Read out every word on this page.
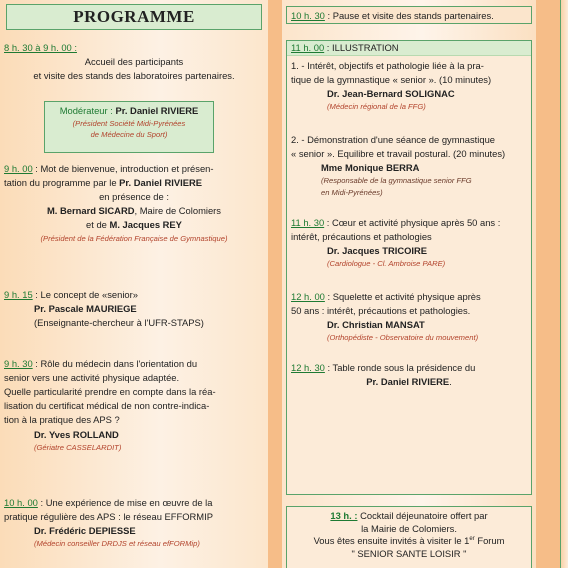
PROGRAMME
8 h. 30 à 9 h. 00 :
Accueil des participants
et visite des stands des laboratoires partenaires.
Modérateur : Pr. Daniel RIVIERE
(Président Société Midi-Pyrénées
de Médecine du Sport)
9 h. 00 : Mot de bienvenue, introduction et présen-
tation du programme par le Pr. Daniel RIVIERE
en présence de :
M. Bernard SICARD, Maire de Colomiers
et de M. Jacques REY
(Président de la Fédération Française de Gymnastique)
9 h. 15 : Le concept de «senior»
Pr. Pascale MAURIEGE
(Enseignante-chercheur à l'UFR-STAPS)
9 h. 30 : Rôle du médecin dans l'orientation du
senior vers une activité physique adaptée.
Quelle particularité prendre en compte dans la réa-
lisation du certificat médical de non contre-indica-
tion à la pratique des APS ?
Dr. Yves ROLLAND
(Gériatre CASSELARDIT)
10 h. 00 : Une expérience de mise en œuvre de la
pratique régulière des APS : le réseau EFFORMIP
Dr. Frédéric DEPIESSE
(Médecin conseiller DRDJS et réseau efFORMip)
10 h. 30 : Pause et visite des stands partenaires.
11 h. 00 : ILLUSTRATION
1. - Intérêt, objectifs et pathologie liée à la pra-
tique de la gymnastique « senior ». (10 minutes)
Dr. Jean-Bernard SOLIGNAC
(Médecin régional de la FFG)
2. - Démonstration d'une séance de gymnastique
« senior ». Equilibre et travail postural. (20 minutes)
Mme Monique BERRA
(Responsable de la gymnastique senior FFG
en Midi-Pyrénées)
11 h. 30 : Cœur et activité physique après 50 ans :
intérêt, précautions et pathologies
Dr. Jacques TRICOIRE
(Cardiologue - Cl. Ambroise PARE)
12 h. 00 : Squelette et activité physique après
50 ans : intérêt, précautions et pathologies.
Dr. Christian MANSAT
(Orthopédiste - Observatoire du mouvement)
12 h. 30 : Table ronde sous la présidence du
Pr. Daniel RIVIERE.
13 h. : Cocktail déjeunatoire offert par
la Mairie de Colomiers.
Vous êtes ensuite invités à visiter le 1er Forum
" SENIOR SANTE LOISIR "
